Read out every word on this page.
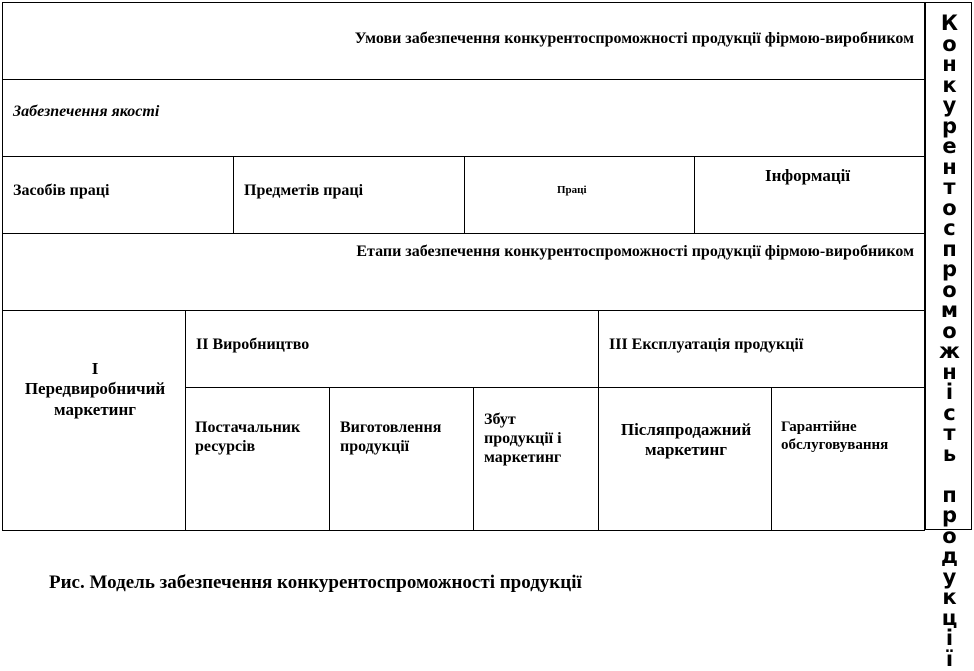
Умови забезпечення конкурентоспроможності продукції фірмою-виробником
Забезпечення якості
Засобів праці	Предметів праці	Праці
Інформації
Етапи забезпечення конкурентоспроможності продукції фірмою-виробником
І
Передвиробничий
маркетинг
ІІ Виробництво
Постачальник
ресурсів
Виготовлення
продукції
Збут
продукції і
маркетинг
ІІІ Експлуатація продукції
Післяпродажний
маркетинг
Гарантійне
обслуговування
К
о
н
к
у
р
е
н
т
о
с
п
р
о
м
о
ж
н
і
с
т
ь

п
р
о
д
у
к
ц
і
ї
Рис. Модель забезпечення конкурентоспроможності продукції
